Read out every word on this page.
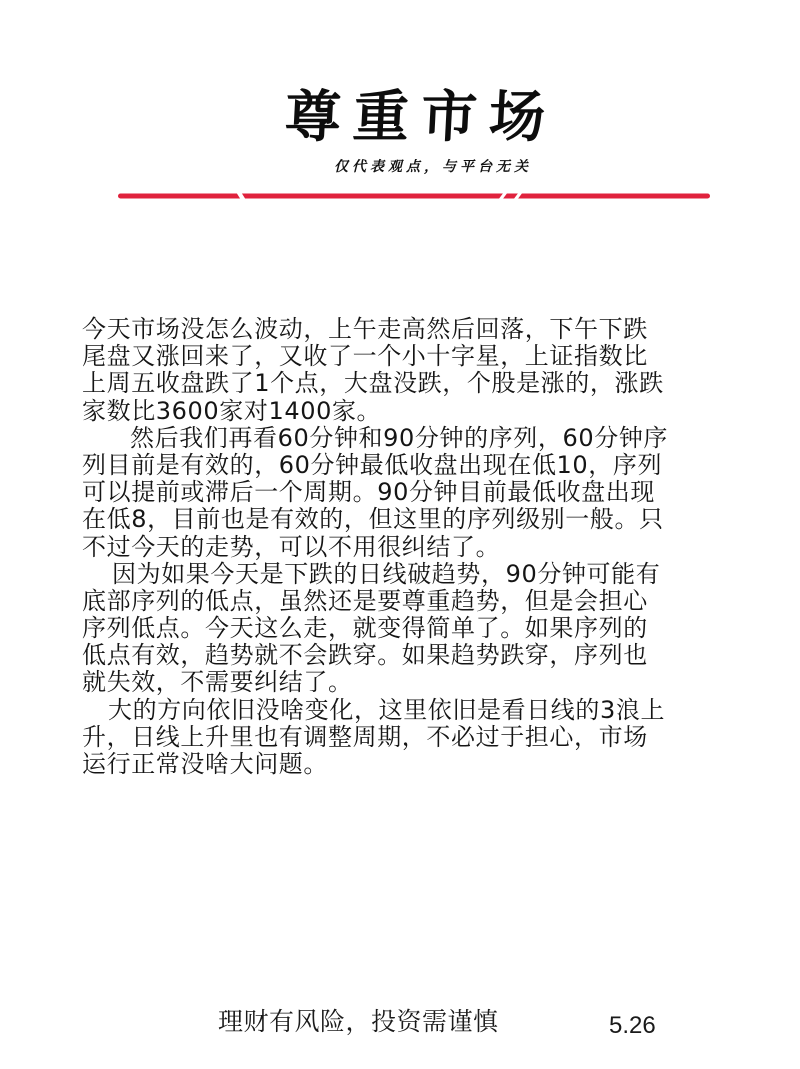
尊重市场
仅代表观点，与平台无关
今天市场没怎么波动，上午走高然后回落，下午下跌
尾盘又涨回来了，又收了一个小十字星，上证指数比
上周五收盘跌了1个点，大盘没跌，个股是涨的，涨跌
家数比3600家对1400家。
然后我们再看60分钟和90分钟的序列，60分钟序
列目前是有效的，60分钟最低收盘出现在低10，序列
可以提前或滞后一个周期。90分钟目前最低收盘出现
在低8，目前也是有效的，但这里的序列级别一般。只
不过今天的走势，可以不用很纠结了。
因为如果今天是下跌的日线破趋势，90分钟可能有
底部序列的低点，虽然还是要尊重趋势，但是会担心
序列低点。今天这么走，就变得简单了。如果序列的
低点有效，趋势就不会跌穿。如果趋势跌穿，序列也
就失效，不需要纠结了。
大的方向依旧没啥变化，这里依旧是看日线的3浪上
升，日线上升里也有调整周期，不必过于担心，市场
运行正常没啥大问题。
理财有风险，投资需谨慎	5.26
